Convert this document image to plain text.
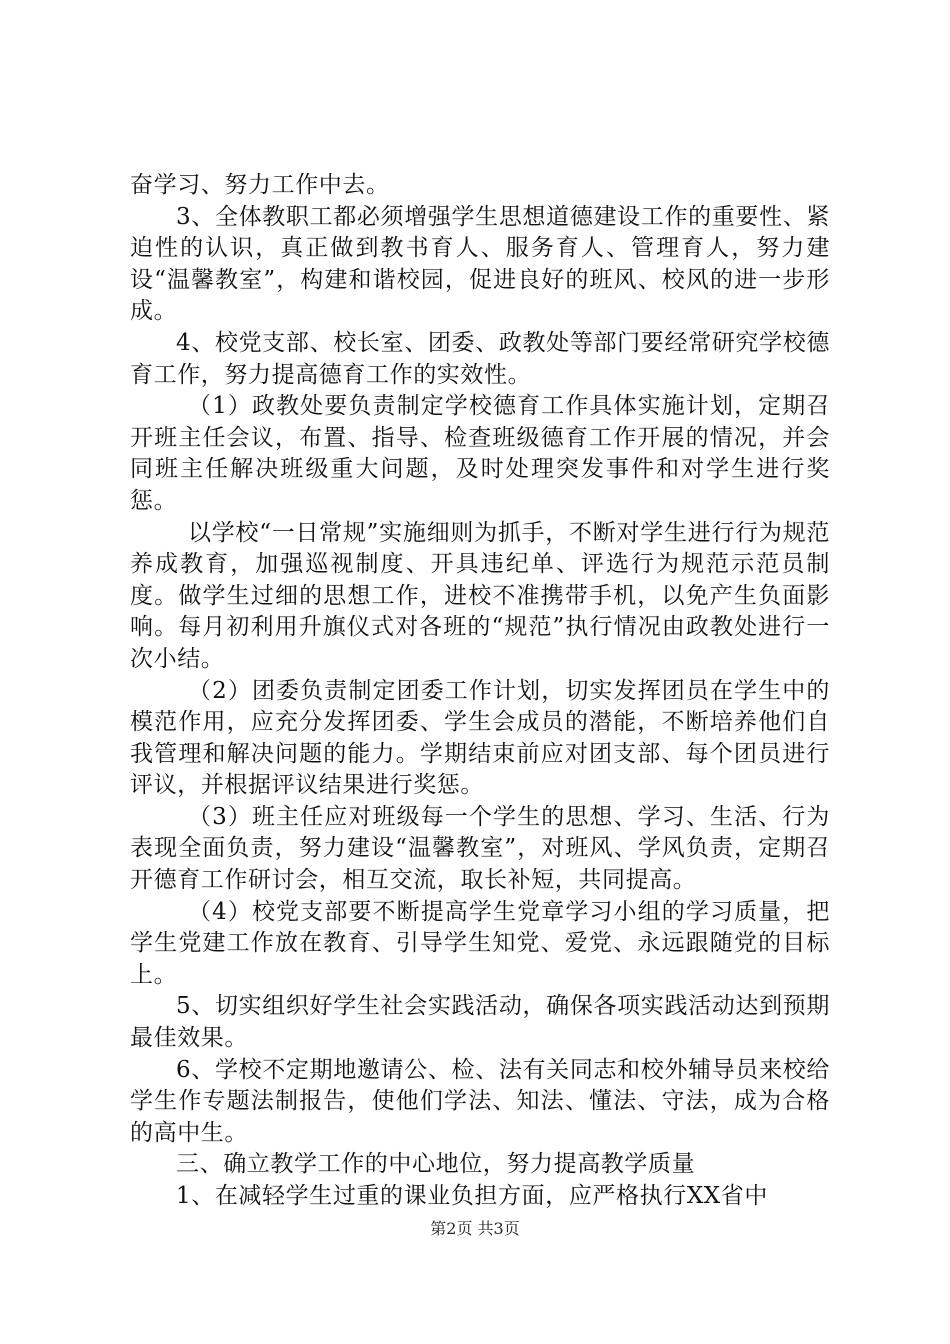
奋学习、努力工作中去。

3、全体教职工都必须增强学生思想道德建设工作的重要性、紧迫性的认识，真正做到教书育人、服务育人、管理育人，努力建设“温馨教室”，构建和谐校园，促进良好的班风、校风的进一步形成。

4、校党支部、校长室、团委、政教处等部门要经常研究学校德育工作，努力提高德育工作的实效性。

（1）政教处要负责制定学校德育工作具体实施计划，定期召开班主任会议，布置、指导、检查班级德育工作开展的情况，并会同班主任解决班级重大问题，及时处理突发事件和对学生进行奖惩。

以学校“一日常规”实施细则为抓手，不断对学生进行行为规范养成教育，加强巡视制度、开具违纪单、评选行为规范示范员制度。做学生过细的思想工作，进校不准携带手机，以免产生负面影响。每月初利用升旗仪式对各班的“规范”执行情况由政教处进行一次小结。

（2）团委负责制定团委工作计划，切实发挥团员在学生中的模范作用，应充分发挥团委、学生会成员的潜能，不断培养他们自我管理和解决问题的能力。学期结束前应对团支部、每个团员进行评议，并根据评议结果进行奖惩。

（3）班主任应对班级每一个学生的思想、学习、生活、行为表现全面负责，努力建设“温馨教室”，对班风、学风负责，定期召开德育工作研讨会，相互交流，取长补短，共同提高。

（4）校党支部要不断提高学生党章学习小组的学习质量，把学生党建工作放在教育、引导学生知党、爱党、永远跟随党的目标上。

5、切实组织好学生社会实践活动，确保各项实践活动达到预期最佳效果。

6、学校不定期地邀请公、检、法有关同志和校外辅导员来校给学生作专题法制报告，使他们学法、知法、懂法、守法，成为合格的高中生。

三、确立教学工作的中心地位，努力提高教学质量

1、在减轻学生过重的课业负担方面，应严格执行XX省中

第2页 共3页
